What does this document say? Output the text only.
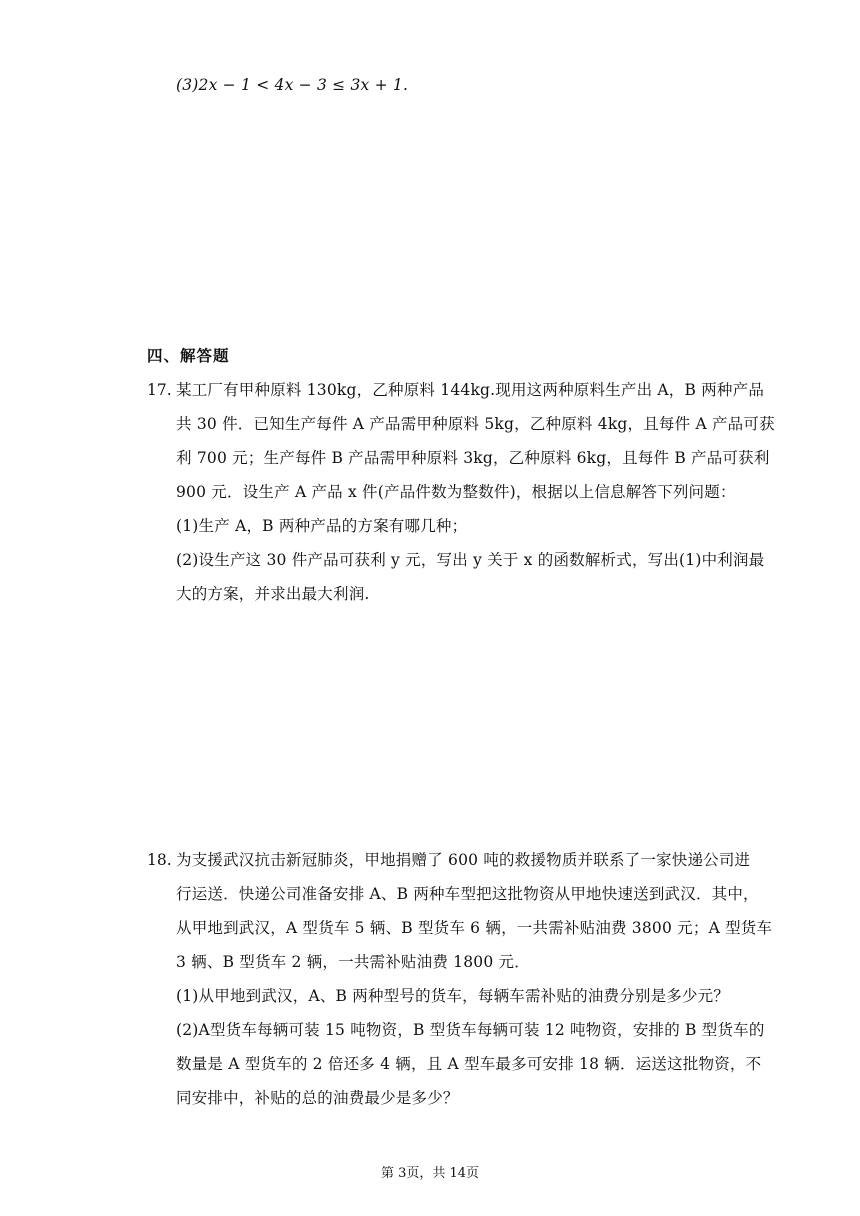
(3)2x − 1 < 4x − 3 ≤ 3x + 1.
四、解答题
17. 某工厂有甲种原料 130kg，乙种原料 144kg.现用这两种原料生产出 A，B 两种产品
共 30 件．已知生产每件 A 产品需甲种原料 5kg，乙种原料 4kg，且每件 A 产品可获
利 700 元；生产每件 B 产品需甲种原料 3kg，乙种原料 6kg，且每件 B 产品可获利
900 元．设生产 A 产品 x 件(产品件数为整数件)，根据以上信息解答下列问题：
(1)生产 A，B 两种产品的方案有哪几种；
(2)设生产这 30 件产品可获利 y 元，写出 y 关于 x 的函数解析式，写出(1)中利润最
大的方案，并求出最大利润.
18. 为支援武汉抗击新冠肺炎，甲地捐赠了 600 吨的救援物质并联系了一家快递公司进
行运送．快递公司准备安排 A、B 两种车型把这批物资从甲地快速送到武汉．其中，
从甲地到武汉，A 型货车 5 辆、B 型货车 6 辆，一共需补贴油费 3800 元；A 型货车
3 辆、B 型货车 2 辆，一共需补贴油费 1800 元．
(1)从甲地到武汉，A、B 两种型号的货车，每辆车需补贴的油费分别是多少元？
(2)A型货车每辆可装 15 吨物资，B 型货车每辆可装 12 吨物资，安排的 B 型货车的
数量是 A 型货车的 2 倍还多 4 辆，且 A 型车最多可安排 18 辆．运送这批物资，不
同安排中，补贴的总的油费最少是多少？
第 3页，共 14页
